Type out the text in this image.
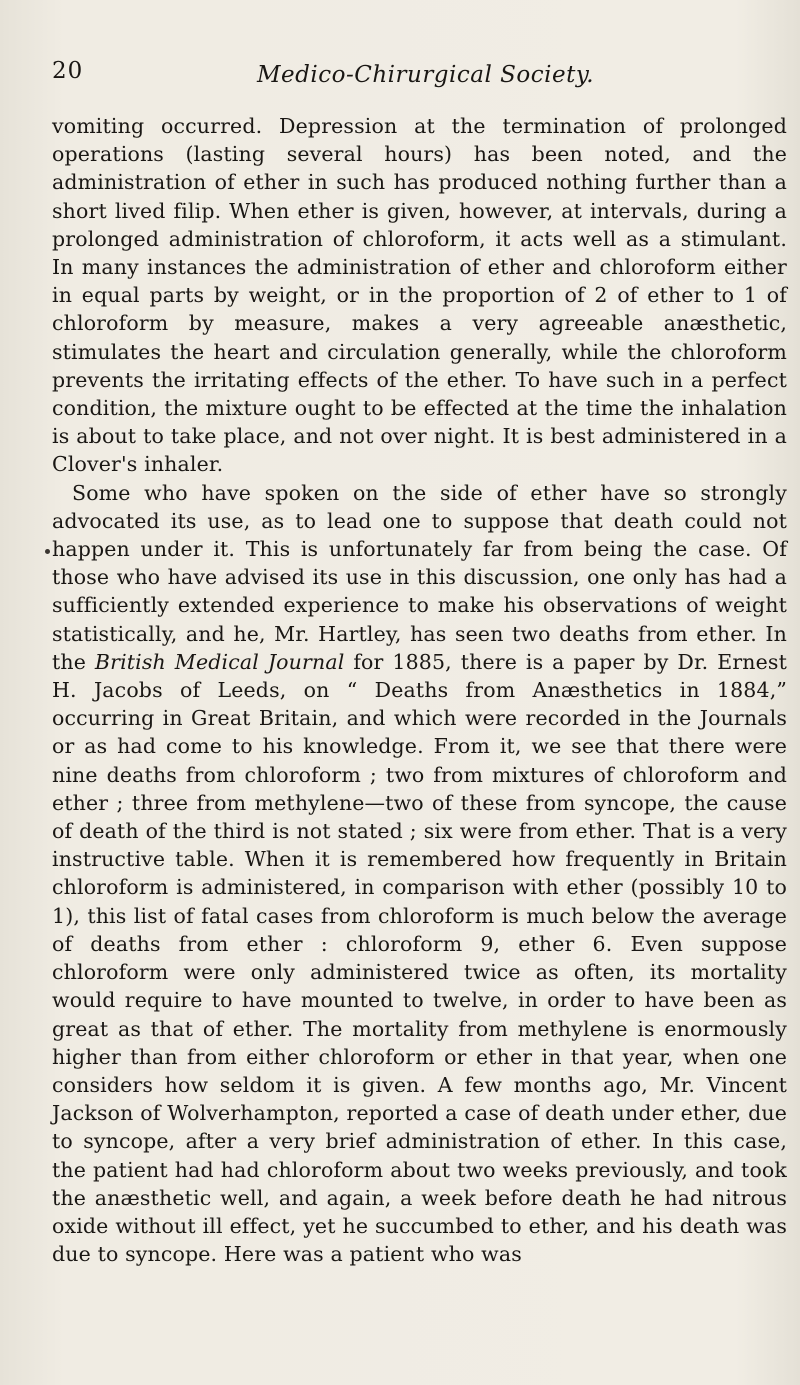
20	Medico-Chirurgical Society.

vomiting occurred. Depression at the termination of prolonged operations (lasting several hours) has been noted, and the administration of ether in such has produced nothing further than a short lived filip. When ether is given, however, at intervals, during a prolonged administration of chloroform, it acts well as a stimulant. In many instances the administration of ether and chloroform either in equal parts by weight, or in the proportion of 2 of ether to 1 of chloroform by measure, makes a very agreeable anæsthetic, stimulates the heart and circulation generally, while the chloroform prevents the irritating effects of the ether. To have such in a perfect condition, the mixture ought to be effected at the time the inhalation is about to take place, and not over night. It is best administered in a Clover's inhaler.

Some who have spoken on the side of ether have so strongly advocated its use, as to lead one to suppose that death could not happen under it. This is unfortunately far from being the case. Of those who have advised its use in this discussion, one only has had a sufficiently extended experience to make his observations of weight statistically, and he, Mr. Hartley, has seen two deaths from ether. In the British Medical Journal for 1885, there is a paper by Dr. Ernest H. Jacobs of Leeds, on “ Deaths from Anæsthetics in 1884,” occurring in Great Britain, and which were recorded in the Journals or as had come to his knowledge. From it, we see that there were nine deaths from chloroform ; two from mixtures of chloroform and ether ; three from methylene—two of these from syncope, the cause of death of the third is not stated ; six were from ether. That is a very instructive table. When it is remembered how frequently in Britain chloroform is administered, in comparison with ether (possibly 10 to 1), this list of fatal cases from chloroform is much below the average of deaths from ether : chloroform 9, ether 6. Even suppose chloroform were only administered twice as often, its mortality would require to have mounted to twelve, in order to have been as great as that of ether. The mortality from methylene is enormously higher than from either chloroform or ether in that year, when one considers how seldom it is given. A few months ago, Mr. Vincent Jackson of Wolverhampton, reported a case of death under ether, due to syncope, after a very brief administration of ether. In this case, the patient had had chloroform about two weeks previously, and took the anæsthetic well, and again, a week before death he had nitrous oxide without ill effect, yet he succumbed to ether, and his death was due to syncope. Here was a patient who was
